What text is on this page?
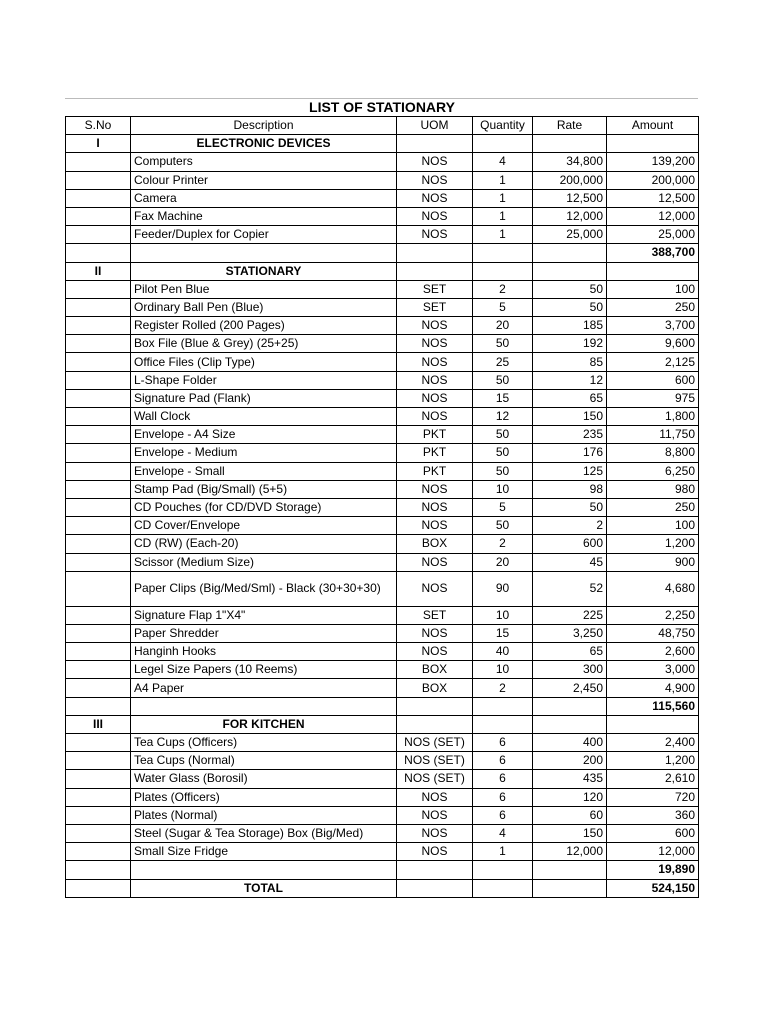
LIST OF STATIONARY					
S.No	Description	UOM	Quantity	Rate	Amount
I	ELECTRONIC DEVICES				
	Computers	NOS	4	34,800	139,200
	Colour Printer	NOS	1	200,000	200,000
	Camera	NOS	1	12,500	12,500
	Fax Machine	NOS	1	12,000	12,000
	Feeder/Duplex for Copier	NOS	1	25,000	25,000
					388,700
II	STATIONARY				
	Pilot Pen Blue	SET	2	50	100
	Ordinary Ball Pen (Blue)	SET	5	50	250
	Register Rolled (200 Pages)	NOS	20	185	3,700
	Box File (Blue & Grey) (25+25)	NOS	50	192	9,600
	Office Files (Clip Type)	NOS	25	85	2,125
	L-Shape Folder	NOS	50	12	600
	Signature Pad (Flank)	NOS	15	65	975
	Wall Clock	NOS	12	150	1,800
	Envelope - A4 Size	PKT	50	235	11,750
	Envelope - Medium	PKT	50	176	8,800
	Envelope - Small	PKT	50	125	6,250
	Stamp Pad (Big/Small) (5+5)	NOS	10	98	980
	CD Pouches (for CD/DVD Storage)	NOS	5	50	250
	CD Cover/Envelope	NOS	50	2	100
	CD (RW) (Each-20)	BOX	2	600	1,200
	Scissor (Medium Size)	NOS	20	45	900
	Paper Clips (Big/Med/Sml) - Black (30+30+30)	NOS	90	52	4,680
	Signature Flap 1"X4"	SET	10	225	2,250
	Paper Shredder	NOS	15	3,250	48,750
	Hanginh Hooks	NOS	40	65	2,600
	Legel Size Papers (10 Reems)	BOX	10	300	3,000
	A4 Paper	BOX	2	2,450	4,900
					115,560
III	FOR KITCHEN				
	Tea Cups (Officers)	NOS (SET)	6	400	2,400
	Tea Cups (Normal)	NOS (SET)	6	200	1,200
	Water Glass (Borosil)	NOS (SET)	6	435	2,610
	Plates (Officers)	NOS	6	120	720
	Plates (Normal)	NOS	6	60	360
	Steel (Sugar & Tea Storage) Box (Big/Med)	NOS	4	150	600
	Small Size Fridge	NOS	1	12,000	12,000
					19,890
	TOTAL				524,150
